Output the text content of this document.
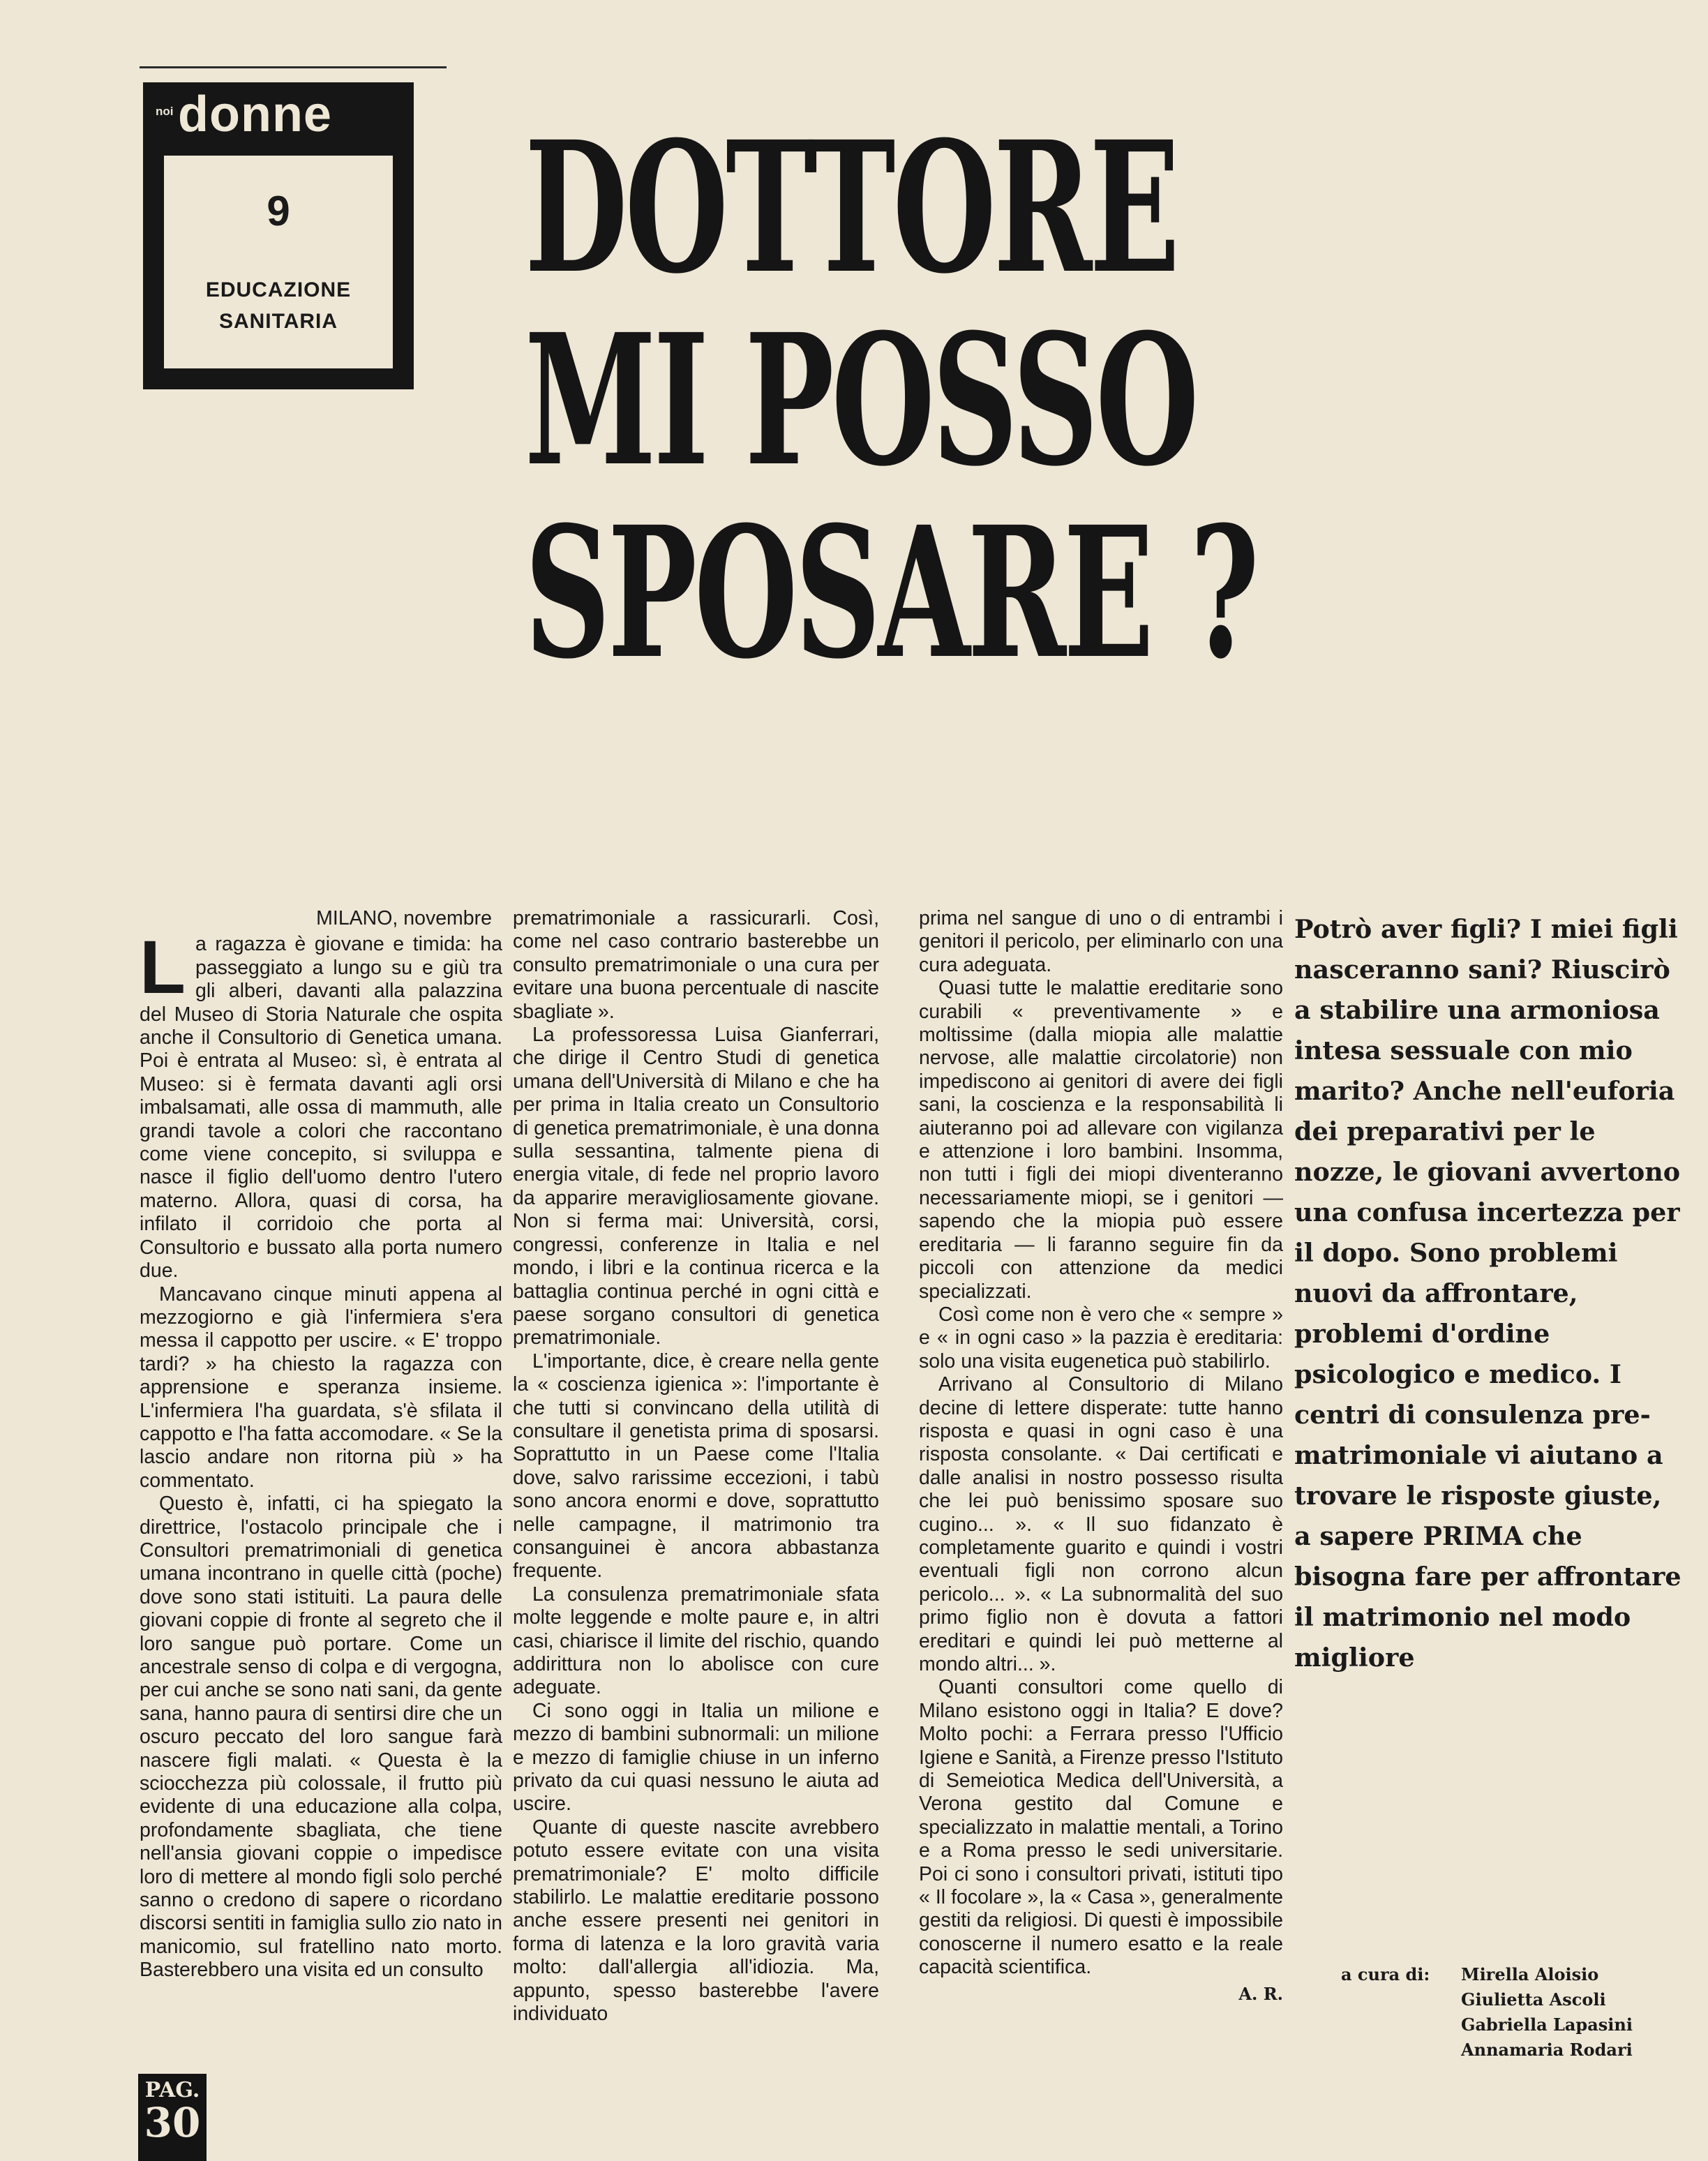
noi donne
9
EDUCAZIONE
SANITARIA
DOTTORE
MI POSSO
SPOSARE ?
MILANO, novembre

La ragazza è giovane e timida: ha passeggiato a lungo su e giù tra gli alberi, davanti alla palazzina del Museo di Storia Naturale che ospita anche il Consultorio di Genetica umana. Poi è entrata al Museo: sì, è entrata al Museo: si è fermata davanti agli orsi imbalsamati, alle ossa di mammuth, alle grandi tavole a colori che raccontano come viene concepito, si sviluppa e nasce il figlio dell'uomo dentro l'utero materno. Allora, quasi di corsa, ha infilato il corridoio che porta al Consultorio e bussato alla porta numero due.

Mancavano cinque minuti appena al mezzogiorno e già l'infermiera s'era messa il cappotto per uscire. « E' troppo tardi? » ha chiesto la ragazza con apprensione e speranza insieme. L'infermiera l'ha guardata, s'è sfilata il cappotto e l'ha fatta accomodare. « Se la lascio andare non ritorna più » ha commentato.

Questo è, infatti, ci ha spiegato la direttrice, l'ostacolo principale che i Consultori prematrimoniali di genetica umana incontrano in quelle città (poche) dove sono stati istituiti. La paura delle giovani coppie di fronte al segreto che il loro sangue può portare. Come un ancestrale senso di colpa e di vergogna, per cui anche se sono nati sani, da gente sana, hanno paura di sentirsi dire che un oscuro peccato del loro sangue farà nascere figli malati. « Questa è la sciocchezza più colossale, il frutto più evidente di una educazione alla colpa, profondamente sbagliata, che tiene nell'ansia giovani coppie o impedisce loro di mettere al mondo figli solo perché sanno o credono di sapere o ricordano discorsi sentiti in famiglia sullo zio nato in manicomio, sul fratellino nato morto. Basterebbero una visita ed un consulto

prematrimoniale a rassicurarli. Così, come nel caso contrario basterebbe un consulto prematrimoniale o una cura per evitare una buona percentuale di nascite sbagliate ».

La professoressa Luisa Gianferrari, che dirige il Centro Studi di genetica umana dell'Università di Milano e che ha per prima in Italia creato un Consultorio di genetica prematrimoniale, è una donna sulla sessantina, talmente piena di energia vitale, di fede nel proprio lavoro da apparire meravigliosamente giovane. Non si ferma mai: Università, corsi, congressi, conferenze in Italia e nel mondo, i libri e la continua ricerca e la battaglia continua perché in ogni città e paese sorgano consultori di genetica prematrimoniale.

L'importante, dice, è creare nella gente la « coscienza igienica »: l'importante è che tutti si convincano della utilità di consultare il genetista prima di sposarsi. Soprattutto in un Paese come l'Italia dove, salvo rarissime eccezioni, i tabù sono ancora enormi e dove, soprattutto nelle campagne, il matrimonio tra consanguinei è ancora abbastanza frequente.

La consulenza prematrimoniale sfata molte leggende e molte paure e, in altri casi, chiarisce il limite del rischio, quando addirittura non lo abolisce con cure adeguate.

Ci sono oggi in Italia un milione e mezzo di bambini subnormali: un milione e mezzo di famiglie chiuse in un inferno privato da cui quasi nessuno le aiuta ad uscire.

Quante di queste nascite avrebbero potuto essere evitate con una visita prematrimoniale? E' molto difficile stabilirlo. Le malattie ereditarie possono anche essere presenti nei genitori in forma di latenza e la loro gravità varia molto: dall'allergia all'idiozia. Ma, appunto, spesso basterebbe l'avere individuato

prima nel sangue di uno o di entrambi i genitori il pericolo, per eliminarlo con una cura adeguata.

Quasi tutte le malattie ereditarie sono curabili « preventivamente » e moltissime (dalla miopia alle malattie nervose, alle malattie circolatorie) non impediscono ai genitori di avere dei figli sani, la coscienza e la responsabilità li aiuteranno poi ad allevare con vigilanza e attenzione i loro bambini. Insomma, non tutti i figli dei miopi diventeranno necessariamente miopi, se i genitori — sapendo che la miopia può essere ereditaria — li faranno seguire fin da piccoli con attenzione da medici specializzati.

Così come non è vero che « sempre » e « in ogni caso » la pazzia è ereditaria: solo una visita eugenetica può stabilirlo.

Arrivano al Consultorio di Milano decine di lettere disperate: tutte hanno risposta e quasi in ogni caso è una risposta consolante. « Dai certificati e dalle analisi in nostro possesso risulta che lei può benissimo sposare suo cugino... ». « Il suo fidanzato è completamente guarito e quindi i vostri eventuali figli non corrono alcun pericolo... ». « La subnormalità del suo primo figlio non è dovuta a fattori ereditari e quindi lei può metterne al mondo altri... ».

Quanti consultori come quello di Milano esistono oggi in Italia? E dove? Molto pochi: a Ferrara presso l'Ufficio Igiene e Sanità, a Firenze presso l'Istituto di Semeiotica Medica dell'Università, a Verona gestito dal Comune e specializzato in malattie mentali, a Torino e a Roma presso le sedi universitarie. Poi ci sono i consultori privati, istituti tipo « Il focolare », la « Casa », generalmente gestiti da religiosi. Di questi è impossibile conoscerne il numero esatto e la reale capacità scientifica.

A. R.
Potrò aver figli? I miei figli nasceranno sani? Riuscirò a stabilire una armoniosa intesa sessuale con mio marito? Anche nell'euforia dei preparativi per le nozze, le giovani avvertono una confusa incertezza per il dopo. Sono problemi nuovi da affrontare, problemi d'ordine psicologico e medico. I centri di consulenza pre-matrimoniale vi aiutano a trovare le risposte giuste, a sapere PRIMA che bisogna fare per affrontare il matrimonio nel modo migliore
a cura di: Mirella Aloisio
Giulietta Ascoli
Gabriella Lapasini
Annamaria Rodari
PAG.
30
